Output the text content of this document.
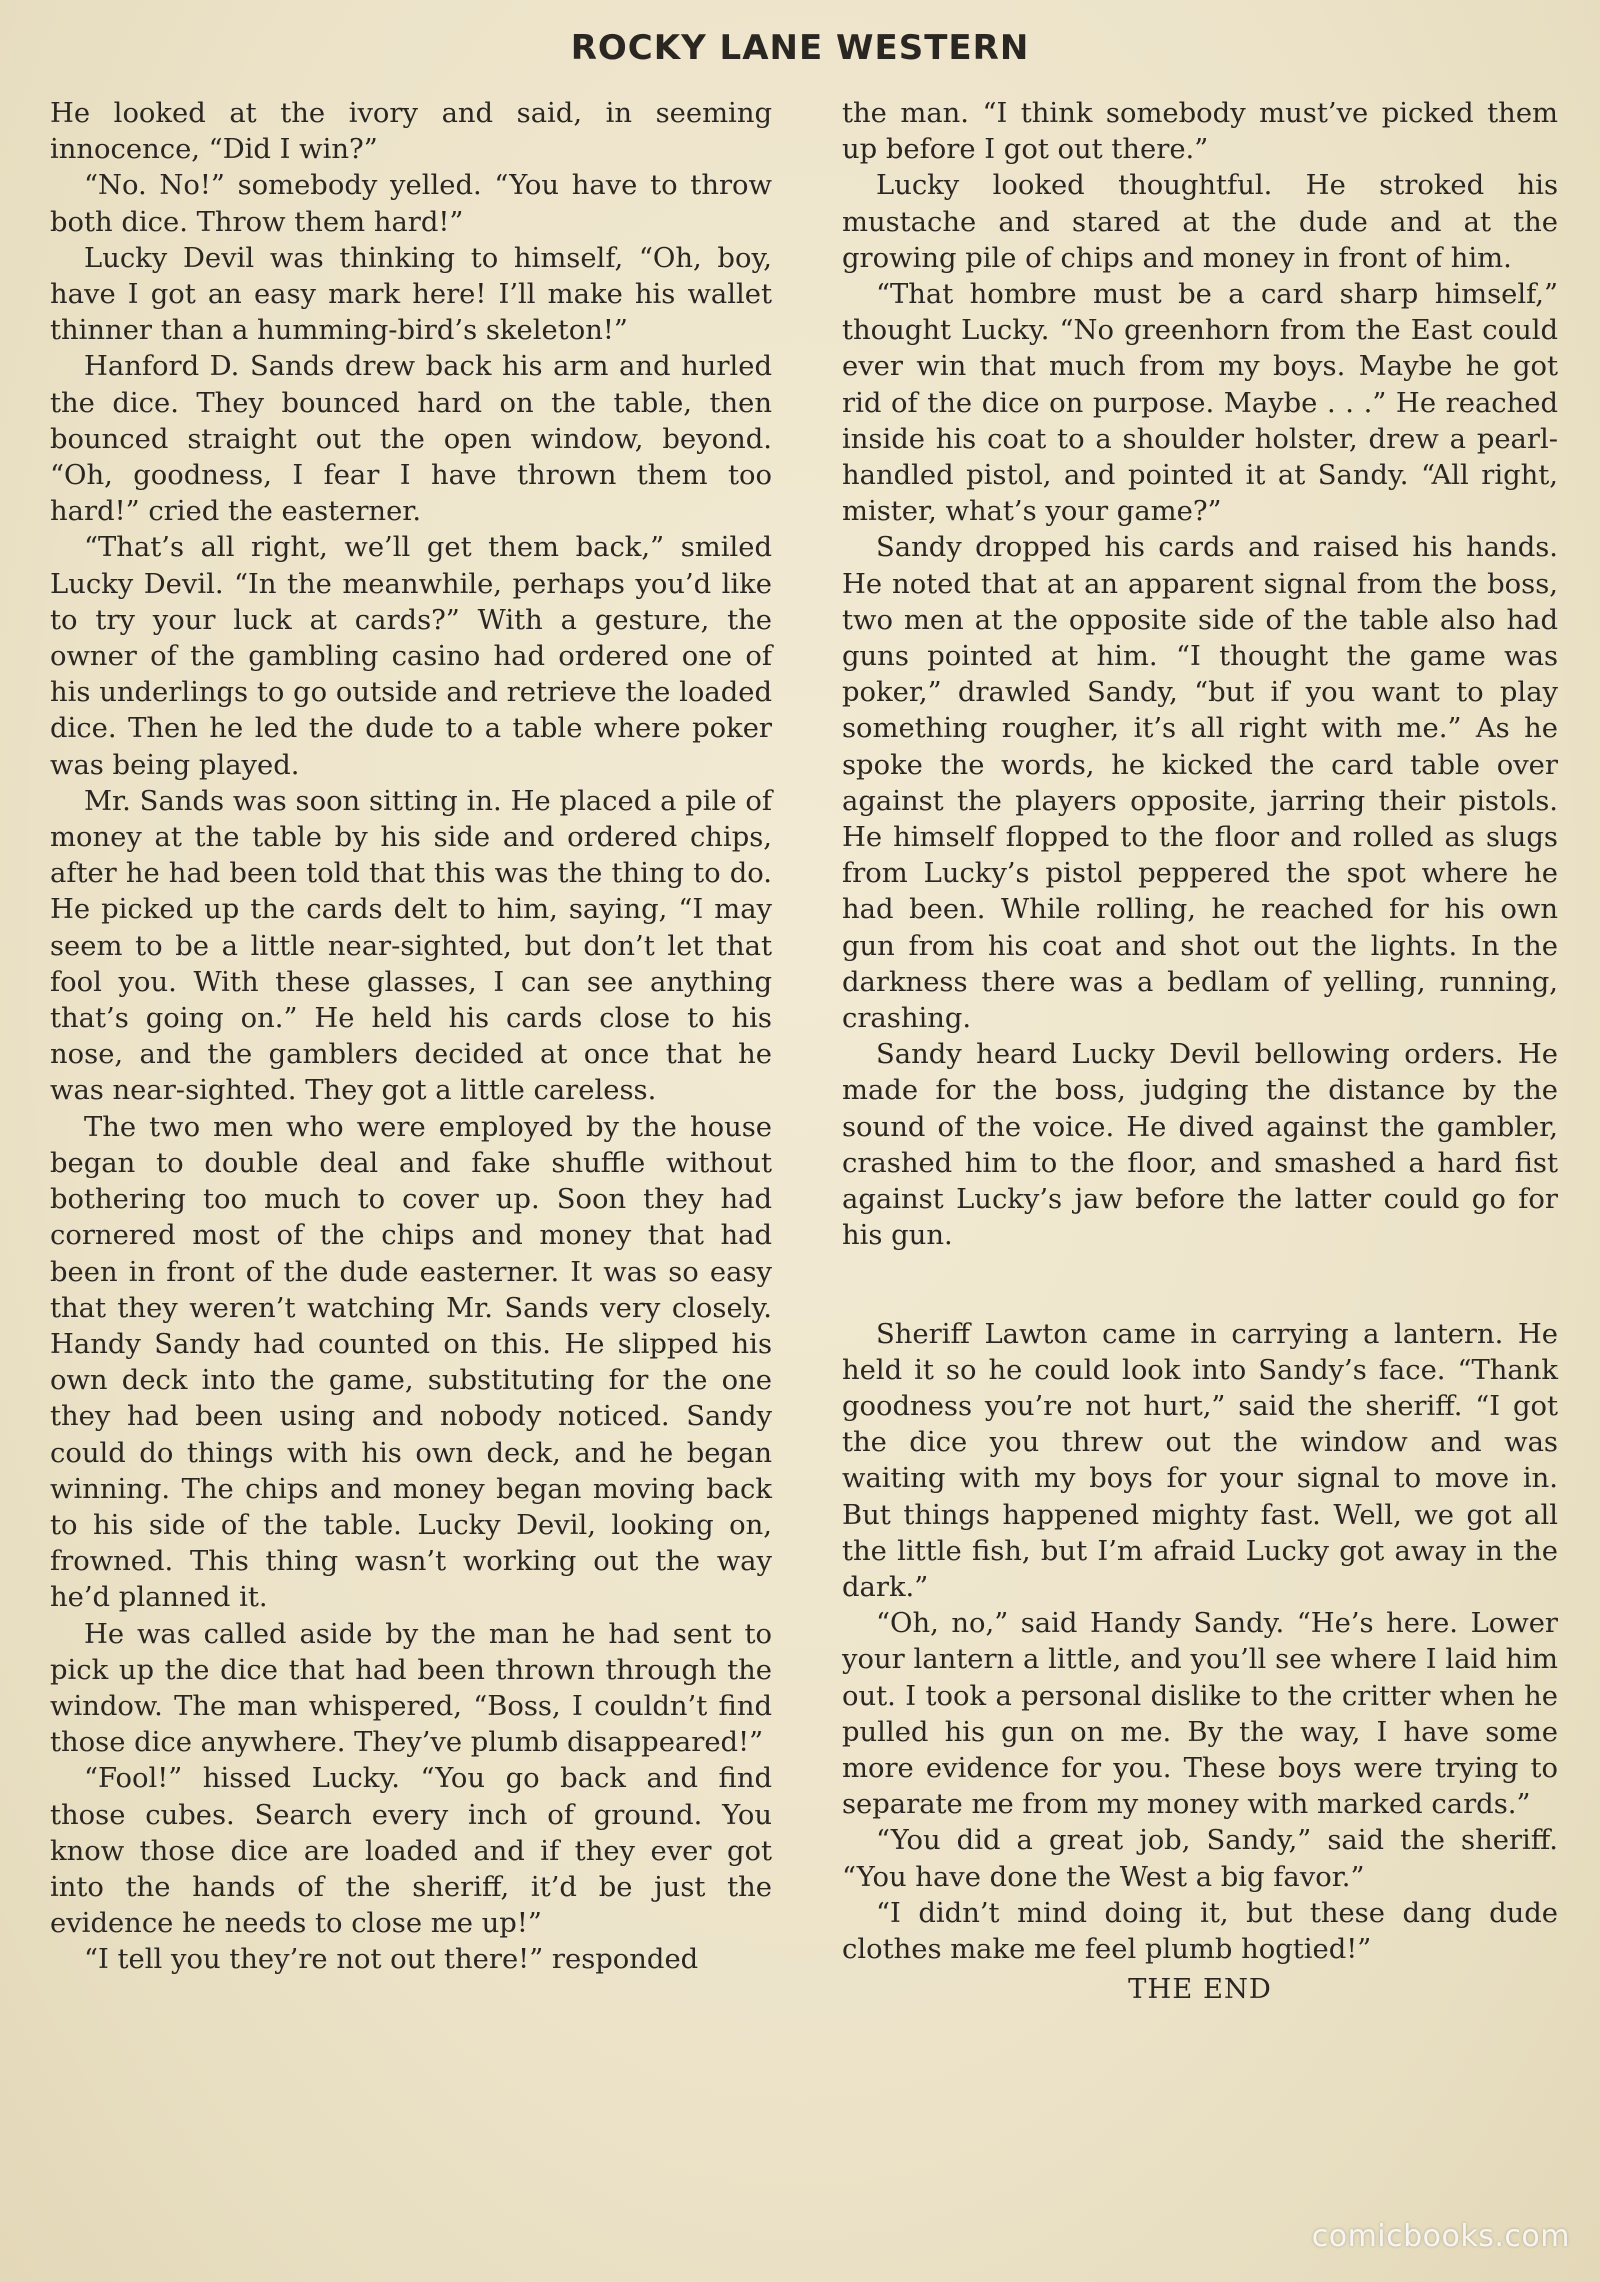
ROCKY LANE WESTERN

He looked at the ivory and said, in seeming innocence, “Did I win?”

“No. No!” somebody yelled. “You have to throw both dice. Throw them hard!”

Lucky Devil was thinking to himself, “Oh, boy, have I got an easy mark here! I’ll make his wallet thinner than a humming-bird’s skeleton!”

Hanford D. Sands drew back his arm and hurled the dice. They bounced hard on the table, then bounced straight out the open window, beyond. “Oh, goodness, I fear I have thrown them too hard!” cried the easterner.

“That’s all right, we’ll get them back,” smiled Lucky Devil. “In the meanwhile, perhaps you’d like to try your luck at cards?” With a gesture, the owner of the gambling casino had ordered one of his underlings to go outside and retrieve the loaded dice. Then he led the dude to a table where poker was being played.

Mr. Sands was soon sitting in. He placed a pile of money at the table by his side and ordered chips, after he had been told that this was the thing to do. He picked up the cards delt to him, saying, “I may seem to be a little near-sighted, but don’t let that fool you. With these glasses, I can see anything that’s going on.” He held his cards close to his nose, and the gamblers decided at once that he was near-sighted. They got a little careless.

The two men who were employed by the house began to double deal and fake shuffle without bothering too much to cover up. Soon they had cornered most of the chips and money that had been in front of the dude easterner. It was so easy that they weren’t watching Mr. Sands very closely. Handy Sandy had counted on this. He slipped his own deck into the game, substituting for the one they had been using and nobody noticed. Sandy could do things with his own deck, and he began winning. The chips and money began moving back to his side of the table. Lucky Devil, looking on, frowned. This thing wasn’t working out the way he’d planned it.

He was called aside by the man he had sent to pick up the dice that had been thrown through the window. The man whispered, “Boss, I couldn’t find those dice anywhere. They’ve plumb disappeared!”

“Fool!” hissed Lucky. “You go back and find those cubes. Search every inch of ground. You know those dice are loaded and if they ever got into the hands of the sheriff, it’d be just the evidence he needs to close me up!”

“I tell you they’re not out there!” responded

the man. “I think somebody must’ve picked them up before I got out there.”

Lucky looked thoughtful. He stroked his mustache and stared at the dude and at the growing pile of chips and money in front of him.

“That hombre must be a card sharp himself,” thought Lucky. “No greenhorn from the East could ever win that much from my boys. Maybe he got rid of the dice on purpose. Maybe . . .” He reached inside his coat to a shoulder holster, drew a pearl-handled pistol, and pointed it at Sandy. “All right, mister, what’s your game?”

Sandy dropped his cards and raised his hands. He noted that at an apparent signal from the boss, two men at the opposite side of the table also had guns pointed at him. “I thought the game was poker,” drawled Sandy, “but if you want to play something rougher, it’s all right with me.” As he spoke the words, he kicked the card table over against the players opposite, jarring their pistols. He himself flopped to the floor and rolled as slugs from Lucky’s pistol peppered the spot where he had been. While rolling, he reached for his own gun from his coat and shot out the lights. In the darkness there was a bedlam of yelling, running, crashing.

Sandy heard Lucky Devil bellowing orders. He made for the boss, judging the distance by the sound of the voice. He dived against the gambler, crashed him to the floor, and smashed a hard fist against Lucky’s jaw before the latter could go for his gun.

Sheriff Lawton came in carrying a lantern. He held it so he could look into Sandy’s face. “Thank goodness you’re not hurt,” said the sheriff. “I got the dice you threw out the window and was waiting with my boys for your signal to move in. But things happened mighty fast. Well, we got all the little fish, but I’m afraid Lucky got away in the dark.”

“Oh, no,” said Handy Sandy. “He’s here. Lower your lantern a little, and you’ll see where I laid him out. I took a personal dislike to the critter when he pulled his gun on me. By the way, I have some more evidence for you. These boys were trying to separate me from my money with marked cards.”

“You did a great job, Sandy,” said the sheriff. “You have done the West a big favor.”

“I didn’t mind doing it, but these dang dude clothes make me feel plumb hogtied!”

THE END

comicbooks.com
